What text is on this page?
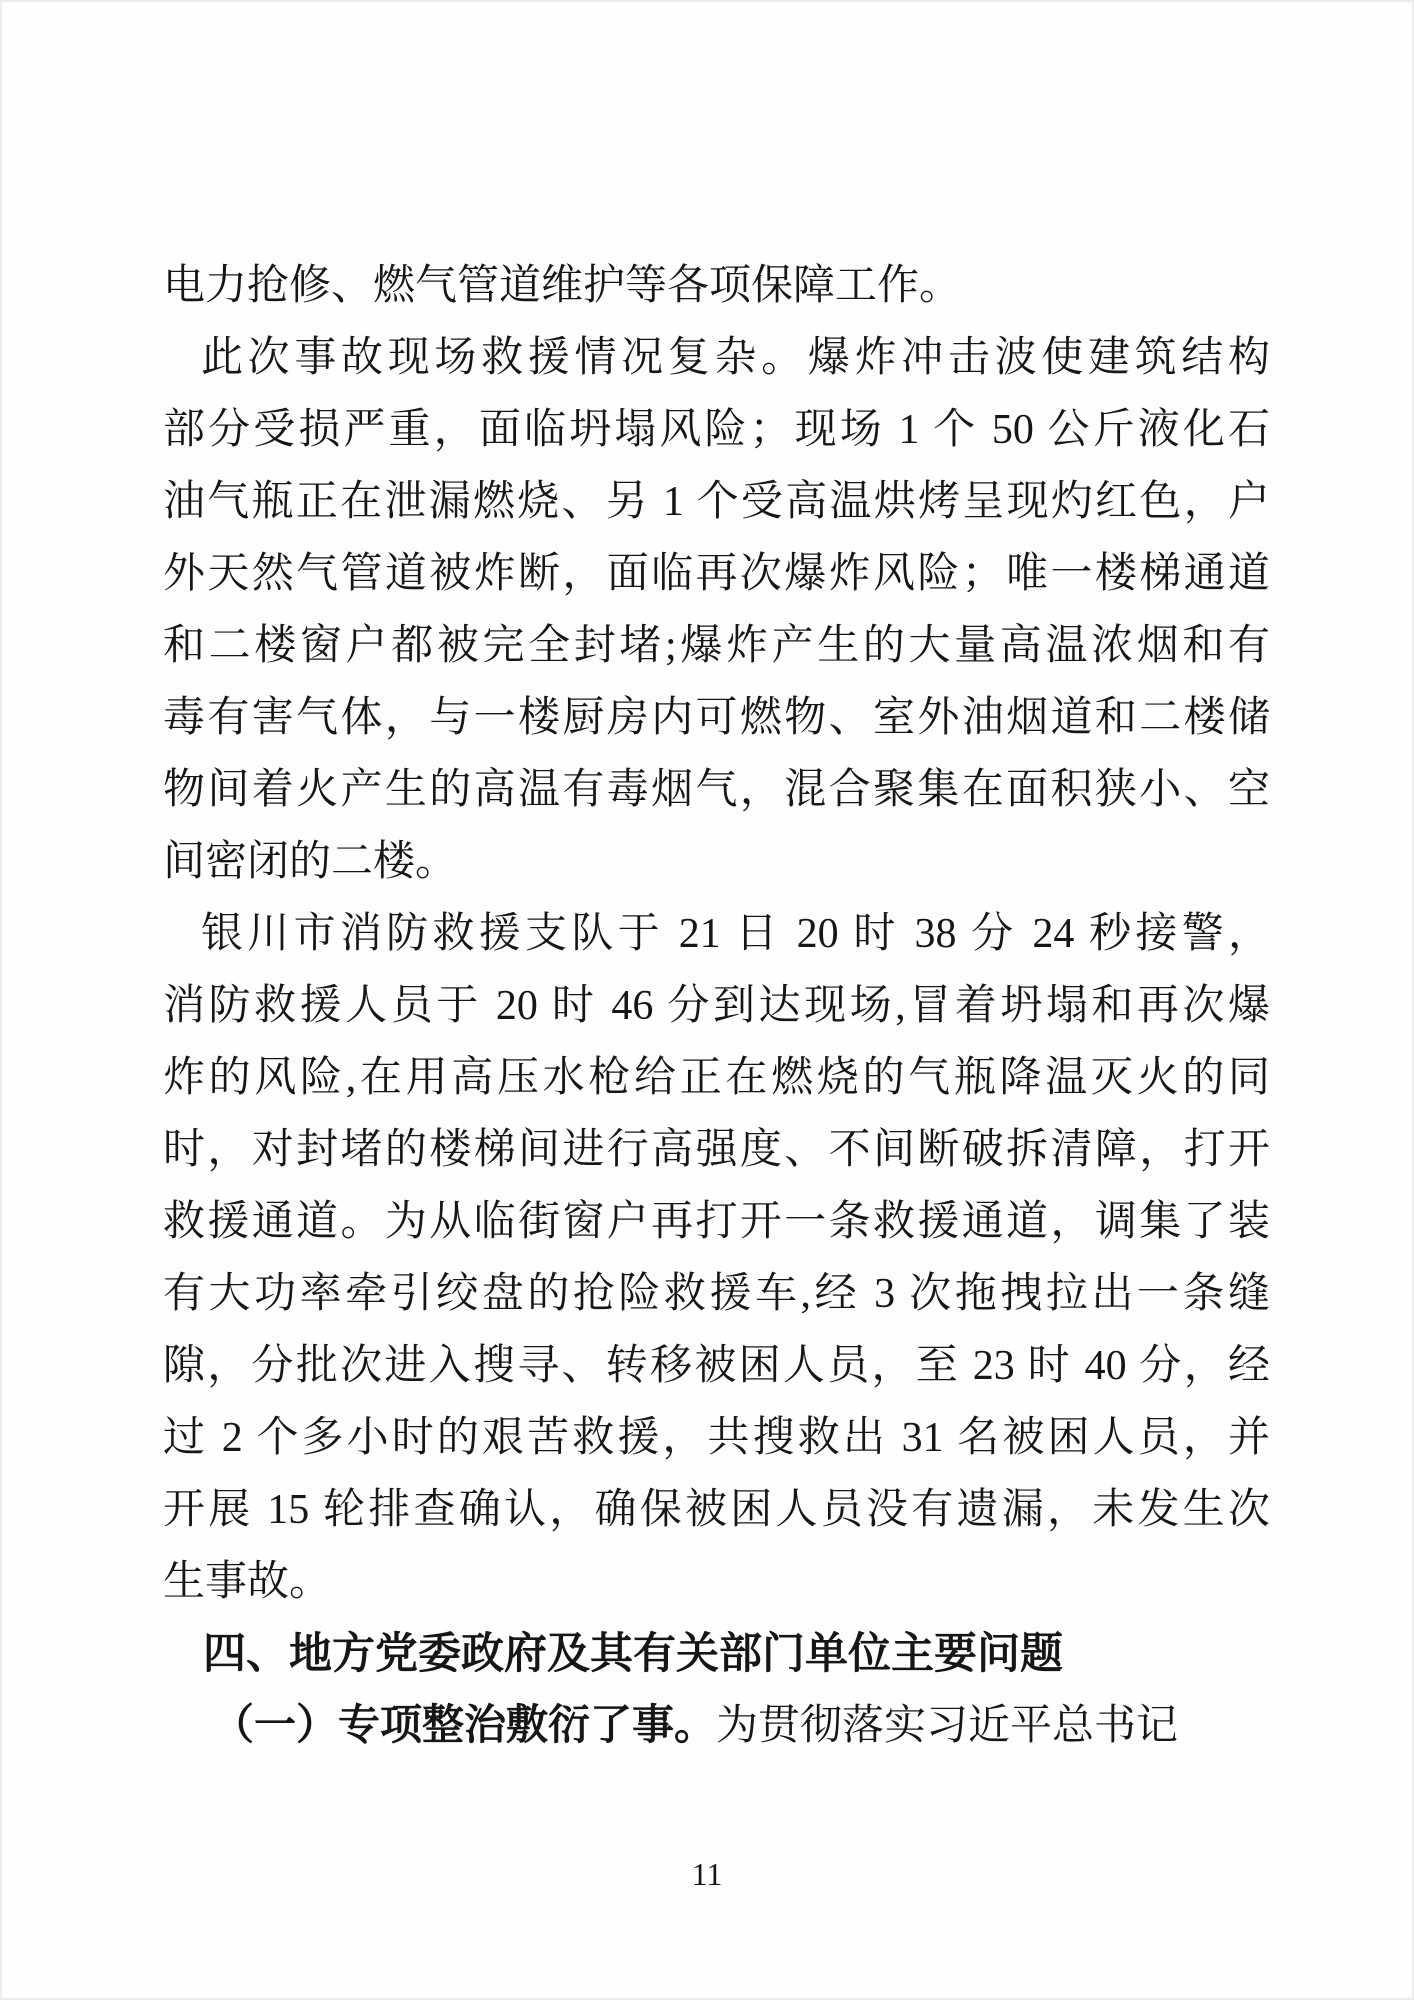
电力抢修、燃气管道维护等各项保障工作。
此次事故现场救援情况复杂。爆炸冲击波使建筑结构
部分受损严重，面临坍塌风险；现场 1 个 50 公斤液化石
油气瓶正在泄漏燃烧、另 1 个受高温烘烤呈现灼红色，户
外天然气管道被炸断，面临再次爆炸风险；唯一楼梯通道
和二楼窗户都被完全封堵;爆炸产生的大量高温浓烟和有
毒有害气体，与一楼厨房内可燃物、室外油烟道和二楼储
物间着火产生的高温有毒烟气，混合聚集在面积狭小、空
间密闭的二楼。
银川市消防救援支队于 21 日 20 时 38 分 24 秒接警，
消防救援人员于 20 时 46 分到达现场,冒着坍塌和再次爆
炸的风险,在用高压水枪给正在燃烧的气瓶降温灭火的同
时，对封堵的楼梯间进行高强度、不间断破拆清障，打开
救援通道。为从临街窗户再打开一条救援通道，调集了装
有大功率牵引绞盘的抢险救援车,经 3 次拖拽拉出一条缝
隙，分批次进入搜寻、转移被困人员，至 23 时 40 分，经
过 2 个多小时的艰苦救援，共搜救出 31 名被困人员，并
开展 15 轮排查确认，确保被困人员没有遗漏，未发生次
生事故。
四、地方党委政府及其有关部门单位主要问题
（一）专项整治敷衍了事。为贯彻落实习近平总书记
11
